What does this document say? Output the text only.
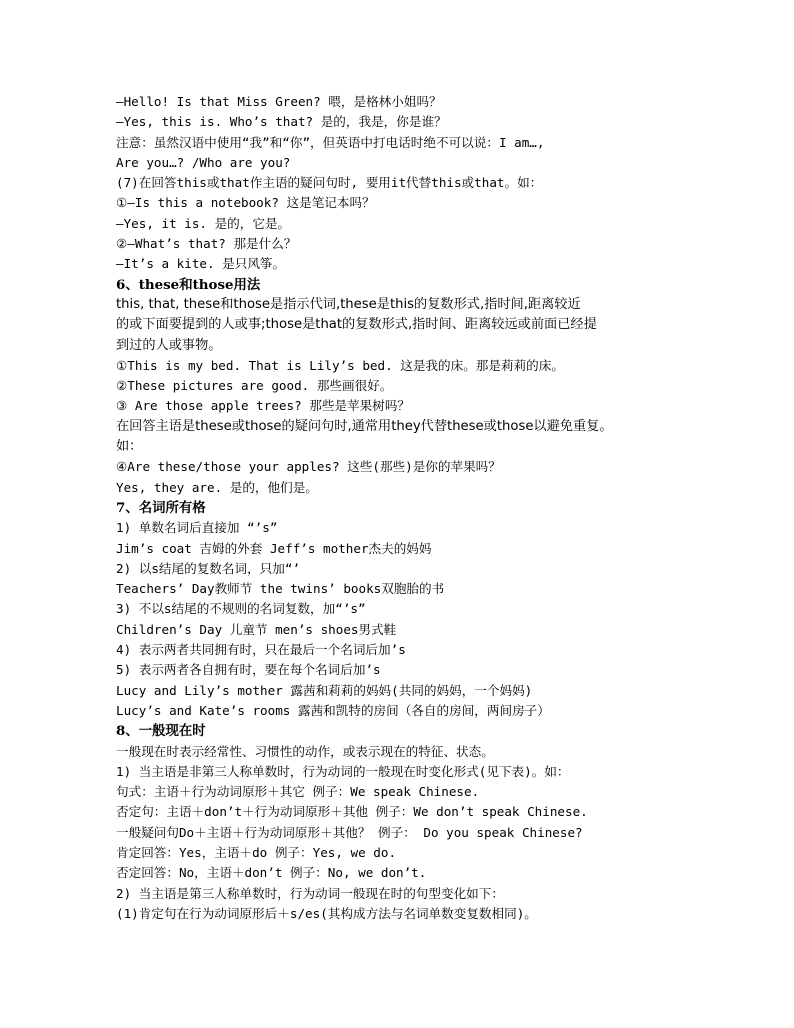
—Hello! Is that Miss Green? 喂，是格林小姐吗？
—Yes, this is. Who’s that? 是的，我是，你是谁？
注意：虽然汉语中使用“我”和“你”，但英语中打电话时绝不可以说：I am…,
Are you…? /Who are you?
(7)在回答this或that作主语的疑问句时, 要用it代替this或that。如：
①—Is this a notebook? 这是笔记本吗？
—Yes, it is. 是的，它是。
②—What’s that? 那是什么？
—It’s a kite. 是只风筝。
6、these和those用法
this, that, these和those是指示代词,these是this的复数形式,指时间,距离较近
的或下面要提到的人或事;those是that的复数形式,指时间、距离较远或前面已经提
到过的人或事物。
①This is my bed. That is Lily’s bed. 这是我的床。那是莉莉的床。
②These pictures are good. 那些画很好。
③ Are those apple trees? 那些是苹果树吗？
在回答主语是these或those的疑问句时,通常用they代替these或those以避免重复。
如：
④Are these/those your apples? 这些(那些)是你的苹果吗？
Yes, they are. 是的，他们是。
7、名词所有格
1) 单数名词后直接加 “’s”
Jim’s coat 吉姆的外套 Jeff’s mother杰夫的妈妈
2) 以s结尾的复数名词，只加“’
Teachers’ Day教师节 the twins’ books双胞胎的书
3) 不以s结尾的不规则的名词复数，加“’s”
Children’s Day 儿童节 men’s shoes男式鞋
4) 表示两者共同拥有时，只在最后一个名词后加’s
5) 表示两者各自拥有时，要在每个名词后加’s
Lucy and Lily’s mother 露茜和莉莉的妈妈(共同的妈妈，一个妈妈)
Lucy’s and Kate’s rooms 露茜和凯特的房间（各自的房间，两间房子）
8、一般现在时
一般现在时表示经常性、习惯性的动作，或表示现在的特征、状态。
1) 当主语是非第三人称单数时，行为动词的一般现在时变化形式(见下表)。如：
句式：主语＋行为动词原形＋其它 例子：We speak Chinese.
否定句：主语＋don’t＋行为动词原形＋其他 例子：We don’t speak Chinese.
一般疑问句Do＋主语＋行为动词原形＋其他？ 例子： Do you speak Chinese?
肯定回答：Yes，主语＋do 例子：Yes, we do.
否定回答：No，主语＋don’t 例子：No, we don’t.
2) 当主语是第三人称单数时，行为动词一般现在时的句型变化如下：
(1)肯定句在行为动词原形后＋s/es(其构成方法与名词单数变复数相同)。
